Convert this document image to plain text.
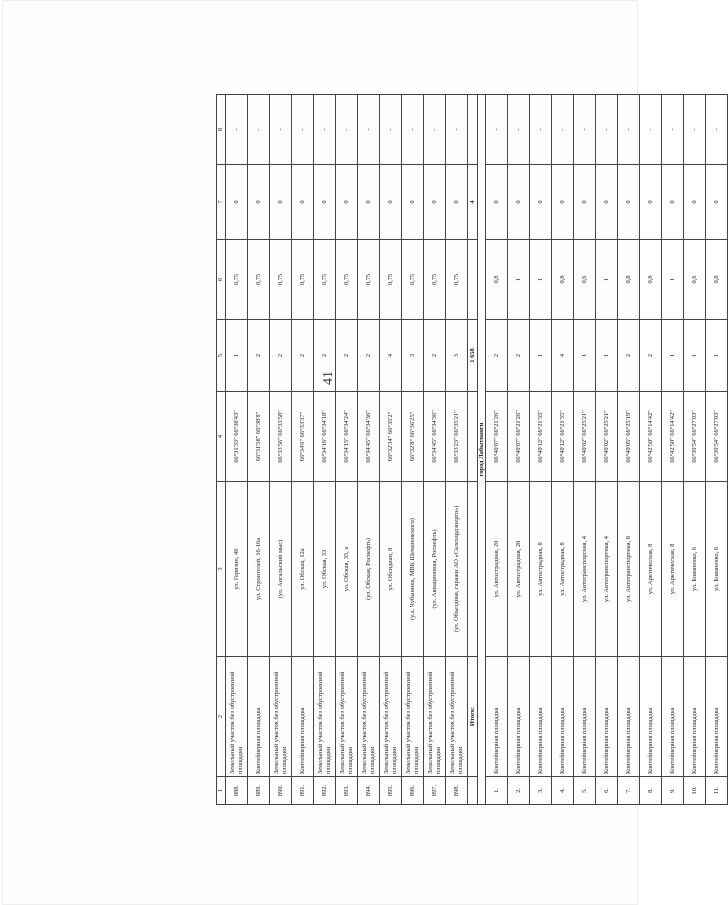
41
1	2	3	4	5	6	7	8
888.	Земельный участок без обустроенной площадки	ул. Геризин, 46	66°31'33" 66°38'43"	1	0,75	0	-
889.	Контейнерная площадка	ул. Строителей, 16-16а	66°31'58" 66°38'8"	2	0,75	0	-
890.	Земельный участок без обустроенной площадки	(ул. Ангальский мыс)	66°33'56" 66°33'58"	2	0,75	0	-
891.	Контейнерная площадка	ул. Обская, 12а	66°34'6" 66°33'37"	2	0,75	0	-
892.	Земельный участок без обустроенной площадки	ул. Обская, 33	66°34'16" 66°34'18"	2	0,75	0	-
893.	Земельный участок без обустроенной площадки	ул. Обская, 35, а	66°34'15" 66°34'24"	2	0,75	0	-
894.	Земельный участок без обустроенной площадки	(ул. Обская, Роснефть)	66°34'45" 66°34'36"	2	0,75	0	-
895.	Земельный участок без обустроенной площадки	ул. Обсидиан, 8	66°32'34" 66°35'2"	4	0,75	0	-
896.	Земельный участок без обустроенной площадки	(у.л. Чубынина, МВК Шемановского)	66°32'8" 66°36'25"	3	0,75	0	-
897.	Земельный участок без обустроенной площадки	(ул. Авиационная, Роснефть)	66°34'45" 66°34'36"	2	0,75	0	-
898.	Земельный участок без обустроенной площадки	(ул. Объездная, гаражи АО «Салехардэнерго»)	66°33'23" 66°35'21"	3	0,75	0	-
	Итого:			1 658		4	
город Лабытнанги							
1.	Контейнерная площадка	ул. Автострадная, 20	66°40'07" 66°21'26"	2	0,8	0	-
2.	Контейнерная площадка	ул. Автострадная, 20	66°40'07" 66°21'26"	2	1	0	-
3.	Контейнерная площадка	ул. Автострадная, 8	66°40'12" 66°21'35"	1	1	0	-
4.	Контейнерная площадка	ул. Автострадная, 8	66°40'12" 66°21'35"	4	0,8	0	-
5.	Контейнерная площадка	ул. Автотранспортная, 4	66°40'02" 66°25'21"	1	0,6	0	-
6.	Контейнерная площадка	ул. Автотранспортная, 4	66°40'02" 66°25'21"	1	1	0	-
7.	Контейнерная площадка	ул. Автотранспортная, 8	66°40'05" 66°25'19"	2	0,8	0	-
8.	Контейнерная площадка	ул. Арктическая, 8	66°42'50" 66°14'42"	2	0,8	0	-
9.	Контейнерная площадка	ул. Арктическая, 8	66°42'50" 66°14'42"	1	1	0	-
10.	Контейнерная площадка	ул. Бованенко, 6	66°39'54" 66°27'03"	1	0,6	0	-
11.	Контейнерная площадка	ул. Бованенко, 6	66°39'54" 66°27'03"	1	0,8	0	-
